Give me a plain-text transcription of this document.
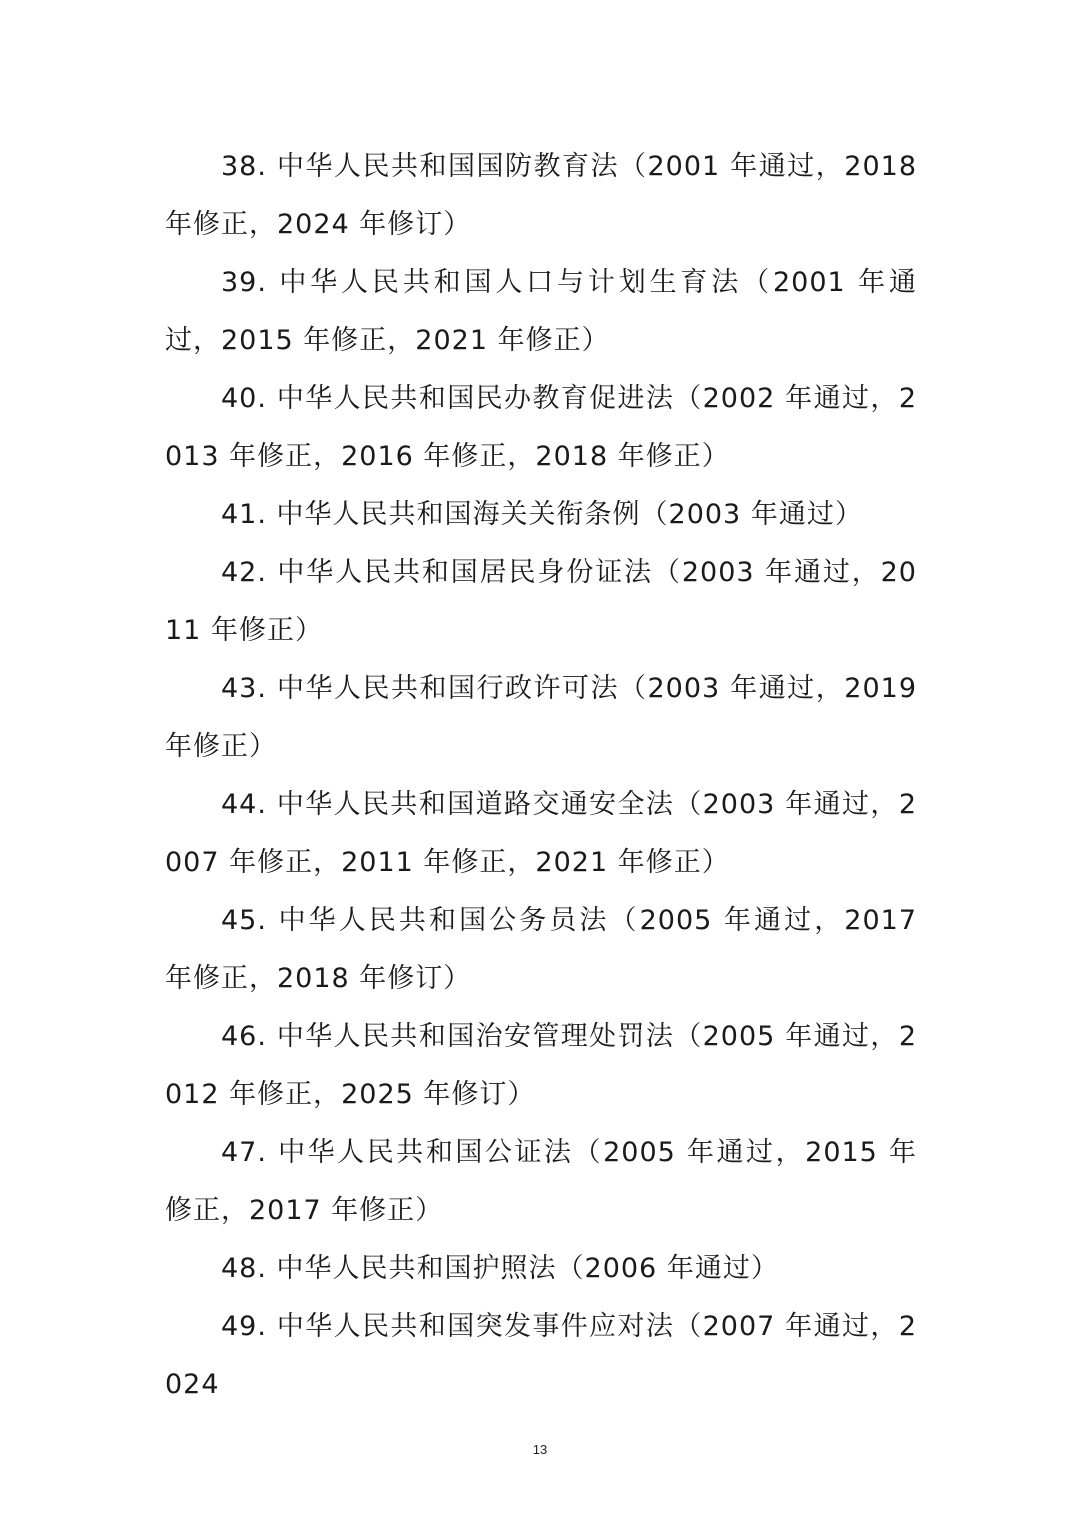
38. 中华人民共和国国防教育法（2001 年通过，2018 年修正，2024 年修订）

39. 中华人民共和国人口与计划生育法（2001 年通过，2015 年修正，2021 年修正）

40. 中华人民共和国民办教育促进法（2002 年通过，2013 年修正，2016 年修正，2018 年修正）

41. 中华人民共和国海关关衔条例（2003 年通过）

42. 中华人民共和国居民身份证法（2003 年通过，2011 年修正）

43. 中华人民共和国行政许可法（2003 年通过，2019 年修正）

44. 中华人民共和国道路交通安全法（2003 年通过，2007 年修正，2011 年修正，2021 年修正）

45. 中华人民共和国公务员法（2005 年通过，2017 年修正，2018 年修订）

46. 中华人民共和国治安管理处罚法（2005 年通过，2012 年修正，2025 年修订）

47. 中华人民共和国公证法（2005 年通过，2015 年修正，2017 年修正）

48. 中华人民共和国护照法（2006 年通过）

49. 中华人民共和国突发事件应对法（2007 年通过，2024

13
